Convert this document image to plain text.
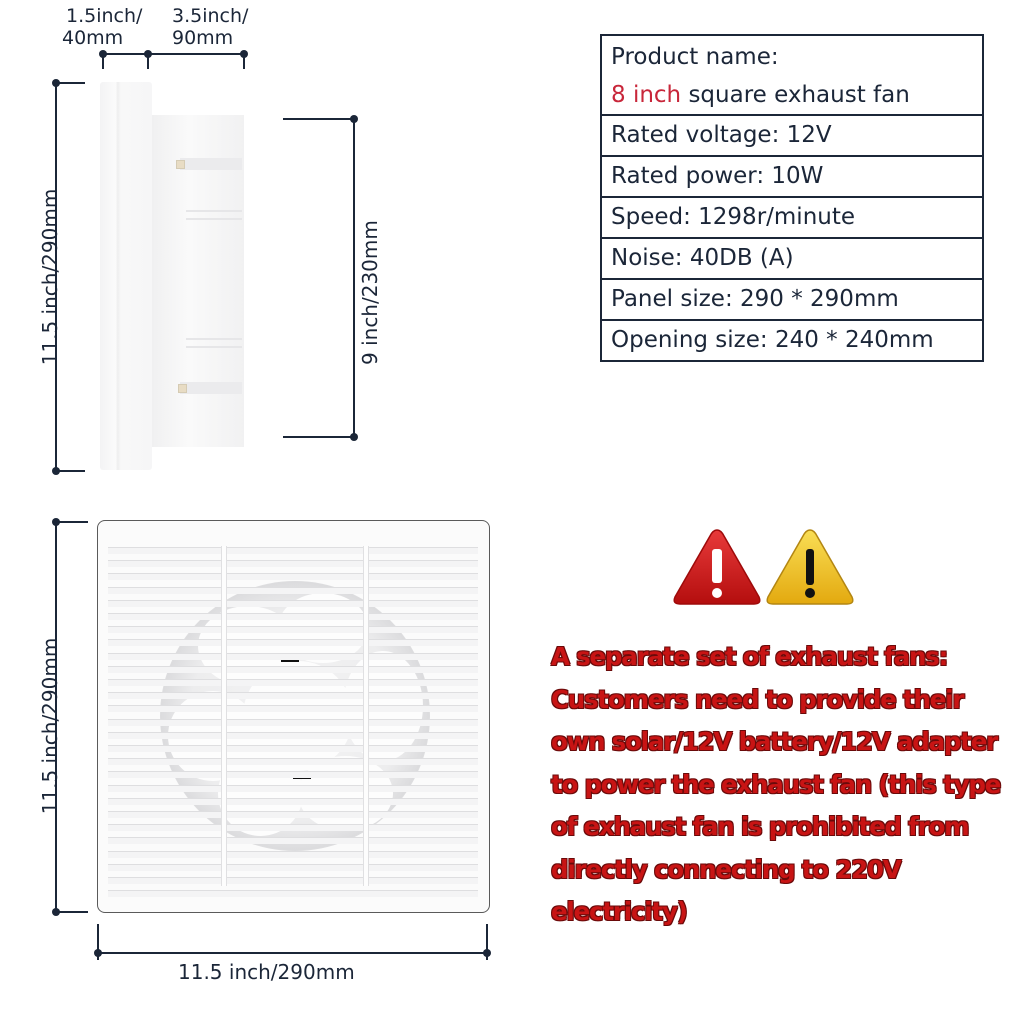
1.5inch/
40mm
3.5inch/
90mm
11.5 inch/290mm	9 inch/230mm
Product name:
8 inch square exhaust fan
Rated voltage: 12V
Rated power: 10W
Speed: 1298r/minute
Noise: 40DB (A)
Panel size: 290 * 290mm
Opening size: 240 * 240mm
11.5 inch/290mm
11.5 inch/290mm
A separate set of exhaust fans:
Customers need to provide their
own solar/12V battery/12V adapter
to power the exhaust fan (this type
of exhaust fan is prohibited from
directly connecting to 220V
electricity)
